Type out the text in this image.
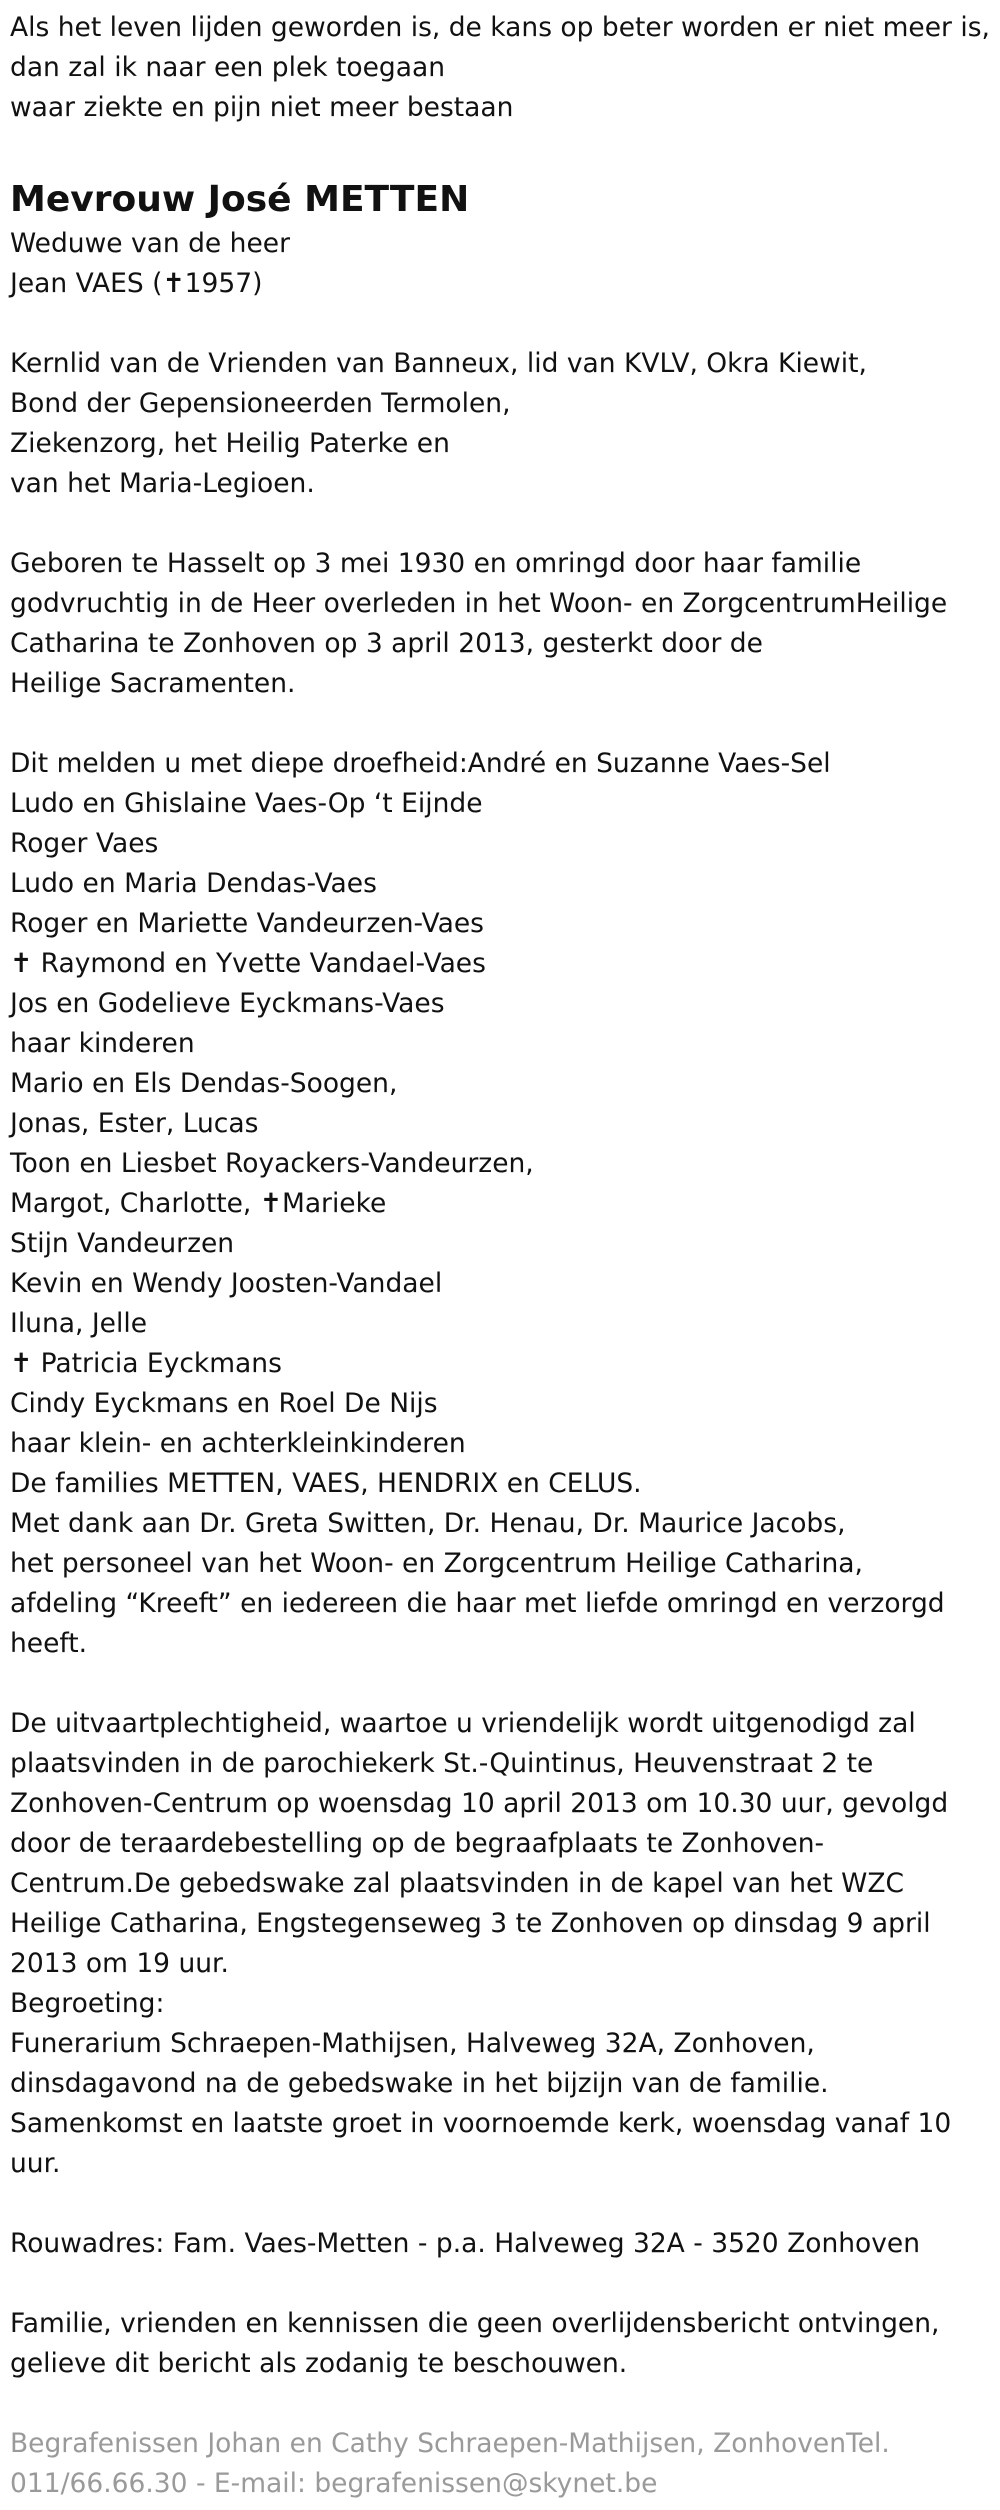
Als het leven lijden geworden is, de kans op beter worden er niet meer is,
dan zal ik naar een plek toegaan
waar ziekte en pijn niet meer bestaan
Mevrouw José METTEN
Weduwe van de heer
Jean VAES (✝1957)
Kernlid van de Vrienden van Banneux, lid van KVLV, Okra Kiewit,
Bond der Gepensioneerden Termolen,
Ziekenzorg, het Heilig Paterke en
van het Maria-Legioen.
Geboren te Hasselt op 3 mei 1930 en omringd door haar familie
godvruchtig in de Heer overleden in het Woon- en ZorgcentrumHeilige
Catharina te Zonhoven op 3 april 2013, gesterkt door de
Heilige Sacramenten.
Dit melden u met diepe droefheid:André en Suzanne Vaes-Sel
Ludo en Ghislaine Vaes-Op ‘t Eijnde
Roger Vaes
Ludo en Maria Dendas-Vaes
Roger en Mariette Vandeurzen-Vaes
✝ Raymond en Yvette Vandael-Vaes
Jos en Godelieve Eyckmans-Vaes
haar kinderen
Mario en Els Dendas-Soogen,
Jonas, Ester, Lucas
Toon en Liesbet Royackers-Vandeurzen,
Margot, Charlotte, ✝Marieke
Stijn Vandeurzen
Kevin en Wendy Joosten-Vandael
Iluna, Jelle
✝ Patricia Eyckmans
Cindy Eyckmans en Roel De Nijs
haar klein- en achterkleinkinderen
De families METTEN, VAES, HENDRIX en CELUS.
Met dank aan Dr. Greta Switten, Dr. Henau, Dr. Maurice Jacobs,
het personeel van het Woon- en Zorgcentrum Heilige Catharina,
afdeling “Kreeft” en iedereen die haar met liefde omringd en verzorgd
heeft.
De uitvaartplechtigheid, waartoe u vriendelijk wordt uitgenodigd zal
plaatsvinden in de parochiekerk St.-Quintinus, Heuvenstraat 2 te
Zonhoven-Centrum op woensdag 10 april 2013 om 10.30 uur, gevolgd
door de teraardebestelling op de begraafplaats te Zonhoven-
Centrum.De gebedswake zal plaatsvinden in de kapel van het WZC
Heilige Catharina, Engstegenseweg 3 te Zonhoven op dinsdag 9 april
2013 om 19 uur.
Begroeting:
Funerarium Schraepen-Mathijsen, Halveweg 32A, Zonhoven,
dinsdagavond na de gebedswake in het bijzijn van de familie.
Samenkomst en laatste groet in voornoemde kerk, woensdag vanaf 10
uur.
Rouwadres: Fam. Vaes-Metten - p.a. Halveweg 32A - 3520 Zonhoven
Familie, vrienden en kennissen die geen overlijdensbericht ontvingen,
gelieve dit bericht als zodanig te beschouwen.
Begrafenissen Johan en Cathy Schraepen-Mathijsen, ZonhovenTel.
011/66.66.30 - E-mail: begrafenissen@skynet.be
